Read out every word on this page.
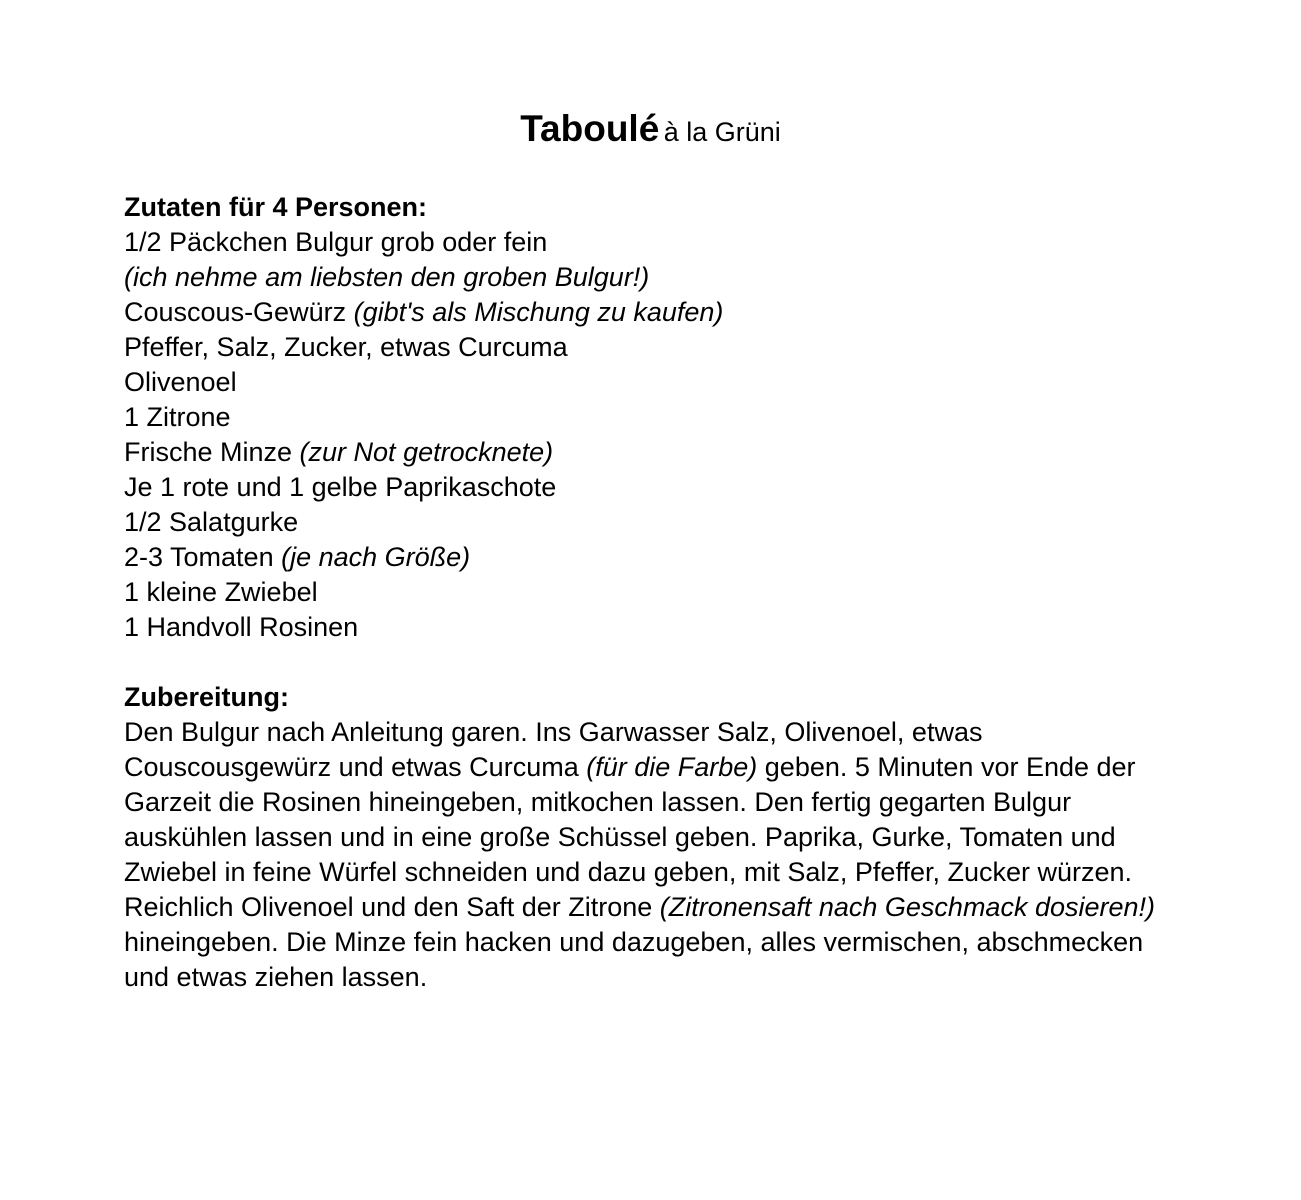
Taboulé à la Grüni

Zutaten für 4 Personen:

1/2 Päckchen Bulgur grob oder fein
(ich nehme am liebsten den groben Bulgur!)
Couscous-Gewürz (gibt's als Mischung zu kaufen)
Pfeffer, Salz, Zucker, etwas Curcuma
Olivenoel
1 Zitrone
Frische Minze (zur Not getrocknete)
Je 1 rote und 1 gelbe Paprikaschote
1/2 Salatgurke
2-3 Tomaten (je nach Größe)
1 kleine Zwiebel
1 Handvoll Rosinen

Zubereitung:

Den Bulgur nach Anleitung garen. Ins Garwasser Salz, Olivenoel, etwas Couscousgewürz und etwas Curcuma (für die Farbe) geben. 5 Minuten vor Ende der Garzeit die Rosinen hineingeben, mitkochen lassen. Den fertig gegarten Bulgur auskühlen lassen und in eine große Schüssel geben. Paprika, Gurke, Tomaten und Zwiebel in feine Würfel schneiden und dazu geben, mit Salz, Pfeffer, Zucker würzen. Reichlich Olivenoel und den Saft der Zitrone (Zitronensaft nach Geschmack dosieren!) hineingeben. Die Minze fein hacken und dazugeben, alles vermischen, abschmecken und etwas ziehen lassen.
